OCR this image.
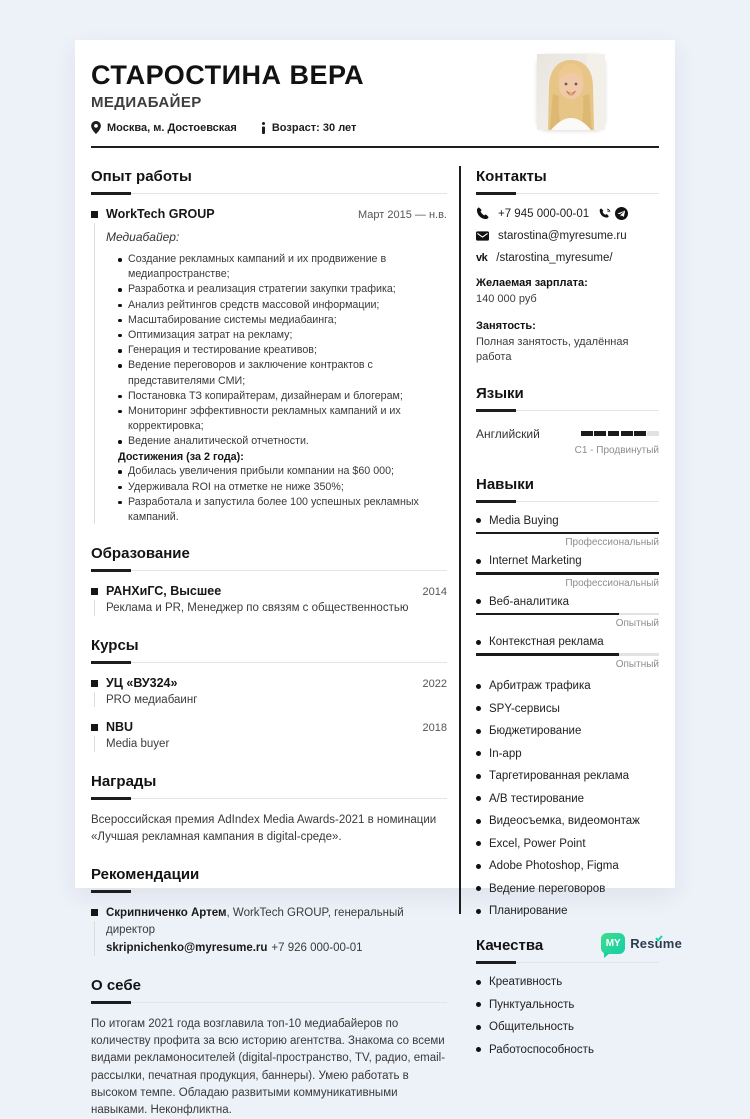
СТАРОСТИНА ВЕРА
МЕДИАБАЙЕР
Москва, м. Достоевская	Возраст: 30 лет
Опыт работы
WorkTech GROUP	Март 2015 — н.в.
Медиабайер:
Создание рекламных кампаний и их продвижение в медиапространстве;
Разработка и реализация стратегии закупки трафика;
Анализ рейтингов средств массовой информации;
Масштабирование системы медиабаинга;
Оптимизация затрат на рекламу;
Генерация и тестирование креативов;
Ведение переговоров и заключение контрактов с представителями СМИ;
Постановка ТЗ копирайтерам, дизайнерам и блогерам;
Мониторинг эффективности рекламных кампаний и их корректировка;
Ведение аналитической отчетности.
Достижения (за 2 года):
Добилась увеличения прибыли компании на $60 000;
Удерживала ROI на отметке не ниже 350%;
Разработала и запустила более 100 успешных рекламных кампаний.
Образование
РАНХиГС, Высшее	2014
Реклама и PR, Менеджер по связям с общественностью
Курсы
УЦ «ВУ324»	2022
PRO медиабаинг
NBU	2018
Media buyer
Награды

Всероссийская премия AdIndex Media Awards-2021 в номинации «Лучшая рекламная кампания в digital-среде».

Рекомендации
Скрипниченко Артем, WorkTech GROUP, генеральный директор
skripnichenko@myresume.ru +7 926 000-00-01
О себе

По итогам 2021 года возглавила топ-10 медиабайеров по количеству профита за всю историю агентства. Знакома со всеми видами рекламоносителей (digital-пространство, TV, радио, email-рассылки, печатная продукция, баннеры). Умею работать в высоком темпе. Обладаю развитыми коммуникативными навыками. Неконфликтна.

Контакты
+7 945 000-00-01
starostina@myresume.ru
vk /starostina_myresume/
Желаемая зарплата:
140 000 руб
Занятость:
Полная занятость, удалённая работа
Языки
Английский
C1 - Продвинутый
Навыки
Media Buying
Профессиональный
Internet Marketing
Профессиональный
Веб-аналитика
Опытный
Контекстная реклама
Опытный
Арбитраж трафика
SPY-сервисы
Бюджетирование
In-app
Таргетированная реклама
A/B тестирование
Видеосъемка, видеомонтаж
Excel, Power Point
Adobe Photoshop, Figma
Ведение переговоров
Планирование
Качества
Креативность
Пунктуальность
Общительность
Работоспособность
MY Resume
